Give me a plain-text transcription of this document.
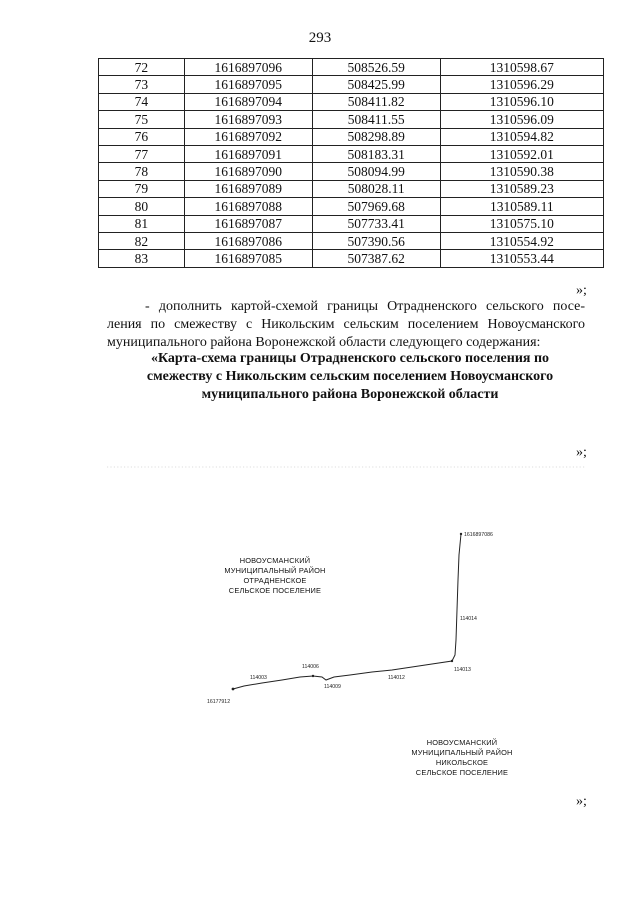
293
72	1616897096	508526.59	1310598.67
73	1616897095	508425.99	1310596.29
74	1616897094	508411.82	1310596.10
75	1616897093	508411.55	1310596.09
76	1616897092	508298.89	1310594.82
77	1616897091	508183.31	1310592.01
78	1616897090	508094.99	1310590.38
79	1616897089	508028.11	1310589.23
80	1616897088	507969.68	1310589.11
81	1616897087	507733.41	1310575.10
82	1616897086	507390.56	1310554.92
83	1616897085	507387.62	1310553.44
»;
- дополнить картой-схемой границы Отрадненского сельского посе-
ления по смежеству с Никольским сельским поселением Новоусманского
муниципального района Воронежской области следующего содержания:
«Карта-схема границы Отрадненского сельского поселения по
смежеству с Никольским сельским поселением Новоусманского
муниципального района Воронежской области
»;
16177912
114003
114006
114009
114012
114013
114014
1616897086
НОВОУСМАНСКИЙ
МУНИЦИПАЛЬНЫЙ РАЙОН
ОТРАДНЕНСКОЕ
СЕЛЬСКОЕ ПОСЕЛЕНИЕ
НОВОУСМАНСКИЙ
МУНИЦИПАЛЬНЫЙ РАЙОН
НИКОЛЬСКОЕ
СЕЛЬСКОЕ ПОСЕЛЕНИЕ
»;
